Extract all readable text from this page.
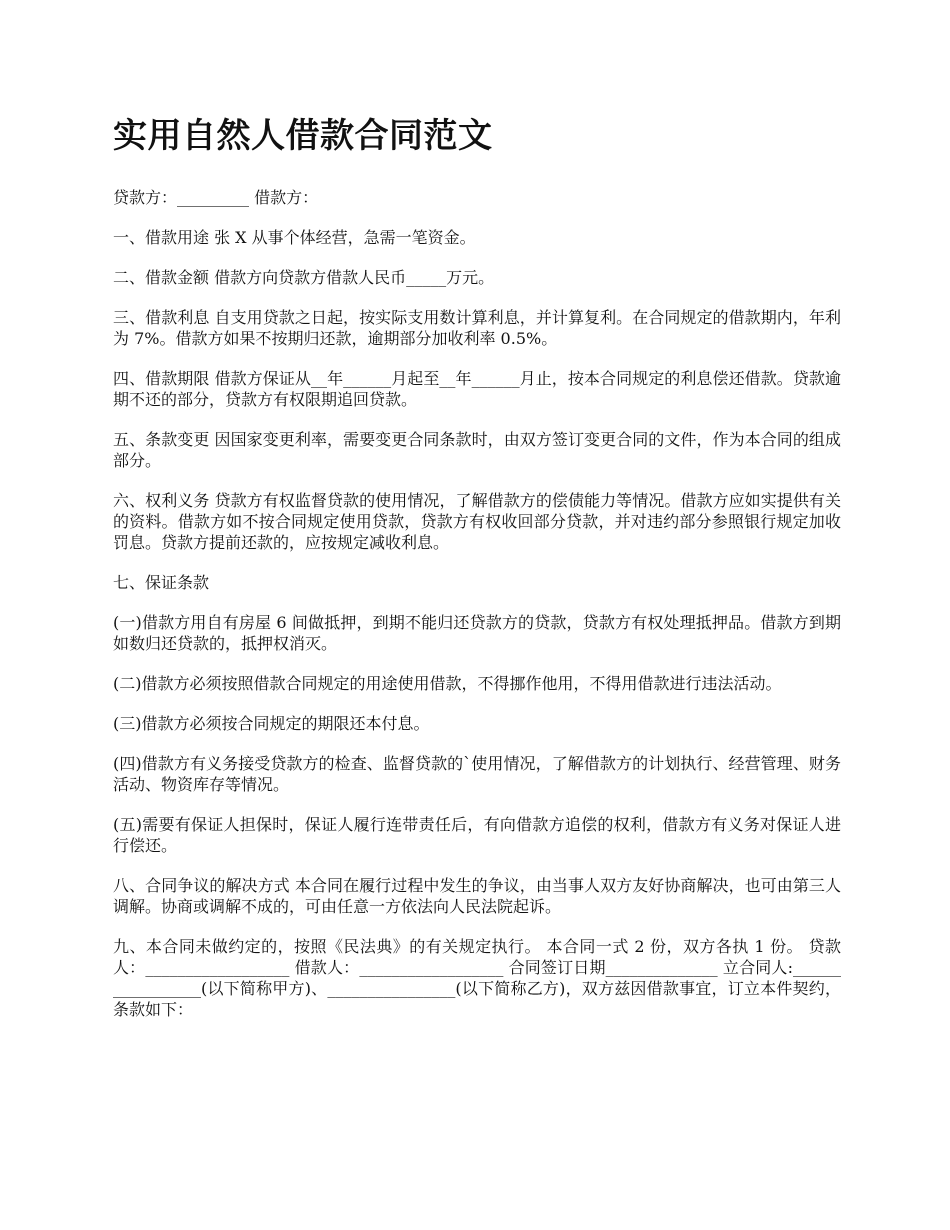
实用自然人借款合同范文

贷款方：_________ 借款方：

一、借款用途 张 X 从事个体经营，急需一笔资金。

二、借款金额 借款方向贷款方借款人民币_____万元。

三、借款利息 自支用贷款之日起，按实际支用数计算利息，并计算复利。在合同规定的借款期内，年利为 7%。借款方如果不按期归还款，逾期部分加收利率 0.5%。

四、借款期限 借款方保证从__年______月起至__年______月止，按本合同规定的利息偿还借款。贷款逾期不还的部分，贷款方有权限期追回贷款。

五、条款变更 因国家变更利率，需要变更合同条款时，由双方签订变更合同的文件，作为本合同的组成部分。

六、权利义务 贷款方有权监督贷款的使用情况，了解借款方的偿债能力等情况。借款方应如实提供有关的资料。借款方如不按合同规定使用贷款，贷款方有权收回部分贷款，并对违约部分参照银行规定加收罚息。贷款方提前还款的，应按规定减收利息。

七、保证条款

(一)借款方用自有房屋 6 间做抵押，到期不能归还贷款方的贷款，贷款方有权处理抵押品。借款方到期如数归还贷款的，抵押权消灭。

(二)借款方必须按照借款合同规定的用途使用借款，不得挪作他用，不得用借款进行违法活动。

(三)借款方必须按合同规定的期限还本付息。

(四)借款方有义务接受贷款方的检查、监督贷款的`使用情况，了解借款方的计划执行、经营管理、财务活动、物资库存等情况。

(五)需要有保证人担保时，保证人履行连带责任后，有向借款方追偿的权利，借款方有义务对保证人进行偿还。

八、合同争议的解决方式 本合同在履行过程中发生的争议，由当事人双方友好协商解决，也可由第三人调解。协商或调解不成的，可由任意一方依法向人民法院起诉。

九、本合同未做约定的，按照《民法典》的有关规定执行。 本合同一式 2 份，双方各执 1 份。 贷款人：__________________ 借款人：__________________ 合同签订日期______________ 立合同人:_________________(以下简称甲方)、________________(以下简称乙方)，双方兹因借款事宜，订立本件契约，条款如下：
